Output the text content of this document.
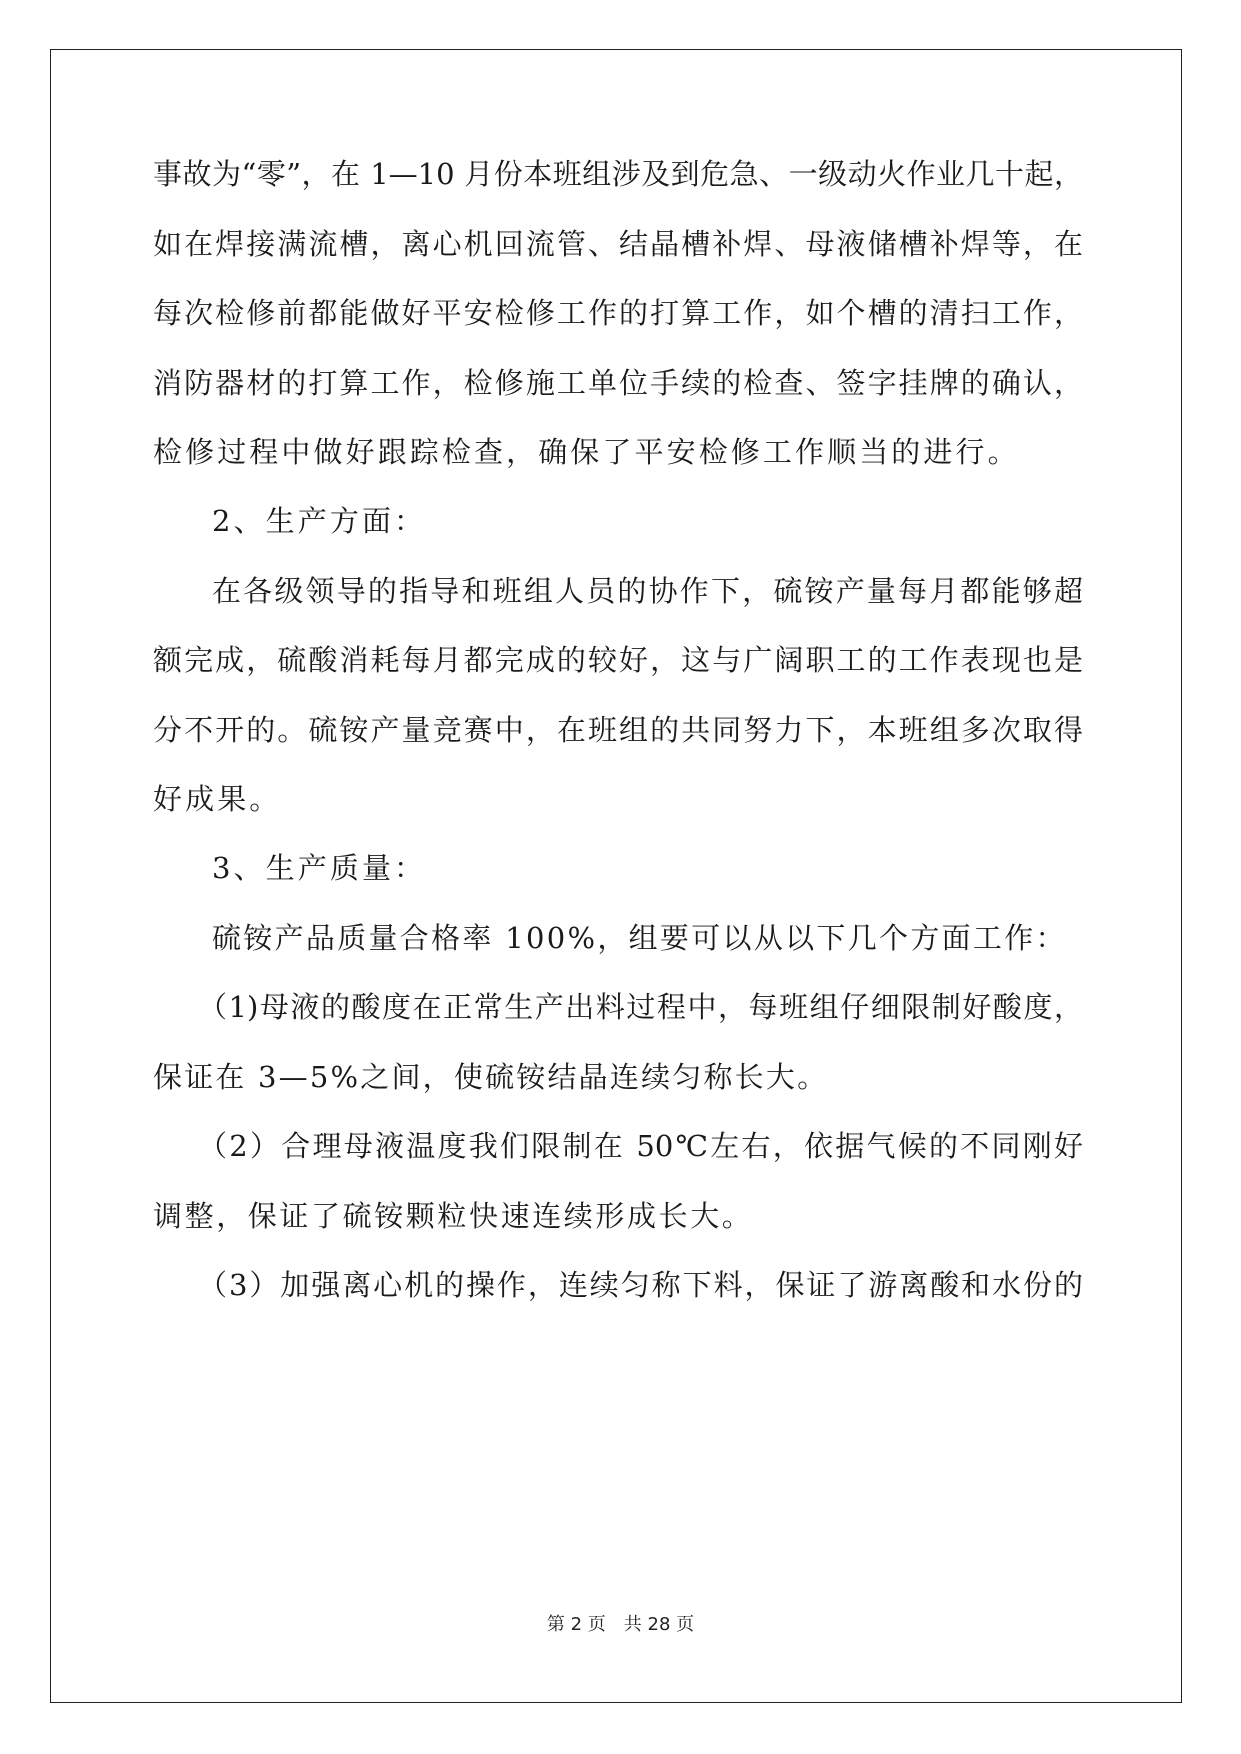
事故为“零”，在 1—10 月份本班组涉及到危急、一级动火作业几十起，
如在焊接满流槽，离心机回流管、结晶槽补焊、母液储槽补焊等，在
每次检修前都能做好平安检修工作的打算工作，如个槽的清扫工作，
消防器材的打算工作，检修施工单位手续的检查、签字挂牌的确认，
检修过程中做好跟踪检查，确保了平安检修工作顺当的进行。
2、生产方面：
在各级领导的指导和班组人员的协作下，硫铵产量每月都能够超
额完成，硫酸消耗每月都完成的较好，这与广阔职工的工作表现也是
分不开的。硫铵产量竞赛中，在班组的共同努力下，本班组多次取得
好成果。
3、生产质量：
硫铵产品质量合格率 100%，组要可以从以下几个方面工作：
（1)母液的酸度在正常生产出料过程中，每班组仔细限制好酸度，
保证在 3—5%之间，使硫铵结晶连续匀称长大。
（2）合理母液温度我们限制在 50℃左右，依据气候的不同刚好
调整，保证了硫铵颗粒快速连续形成长大。
（3）加强离心机的操作，连续匀称下料，保证了游离酸和水份的
第 2 页 共 28 页
